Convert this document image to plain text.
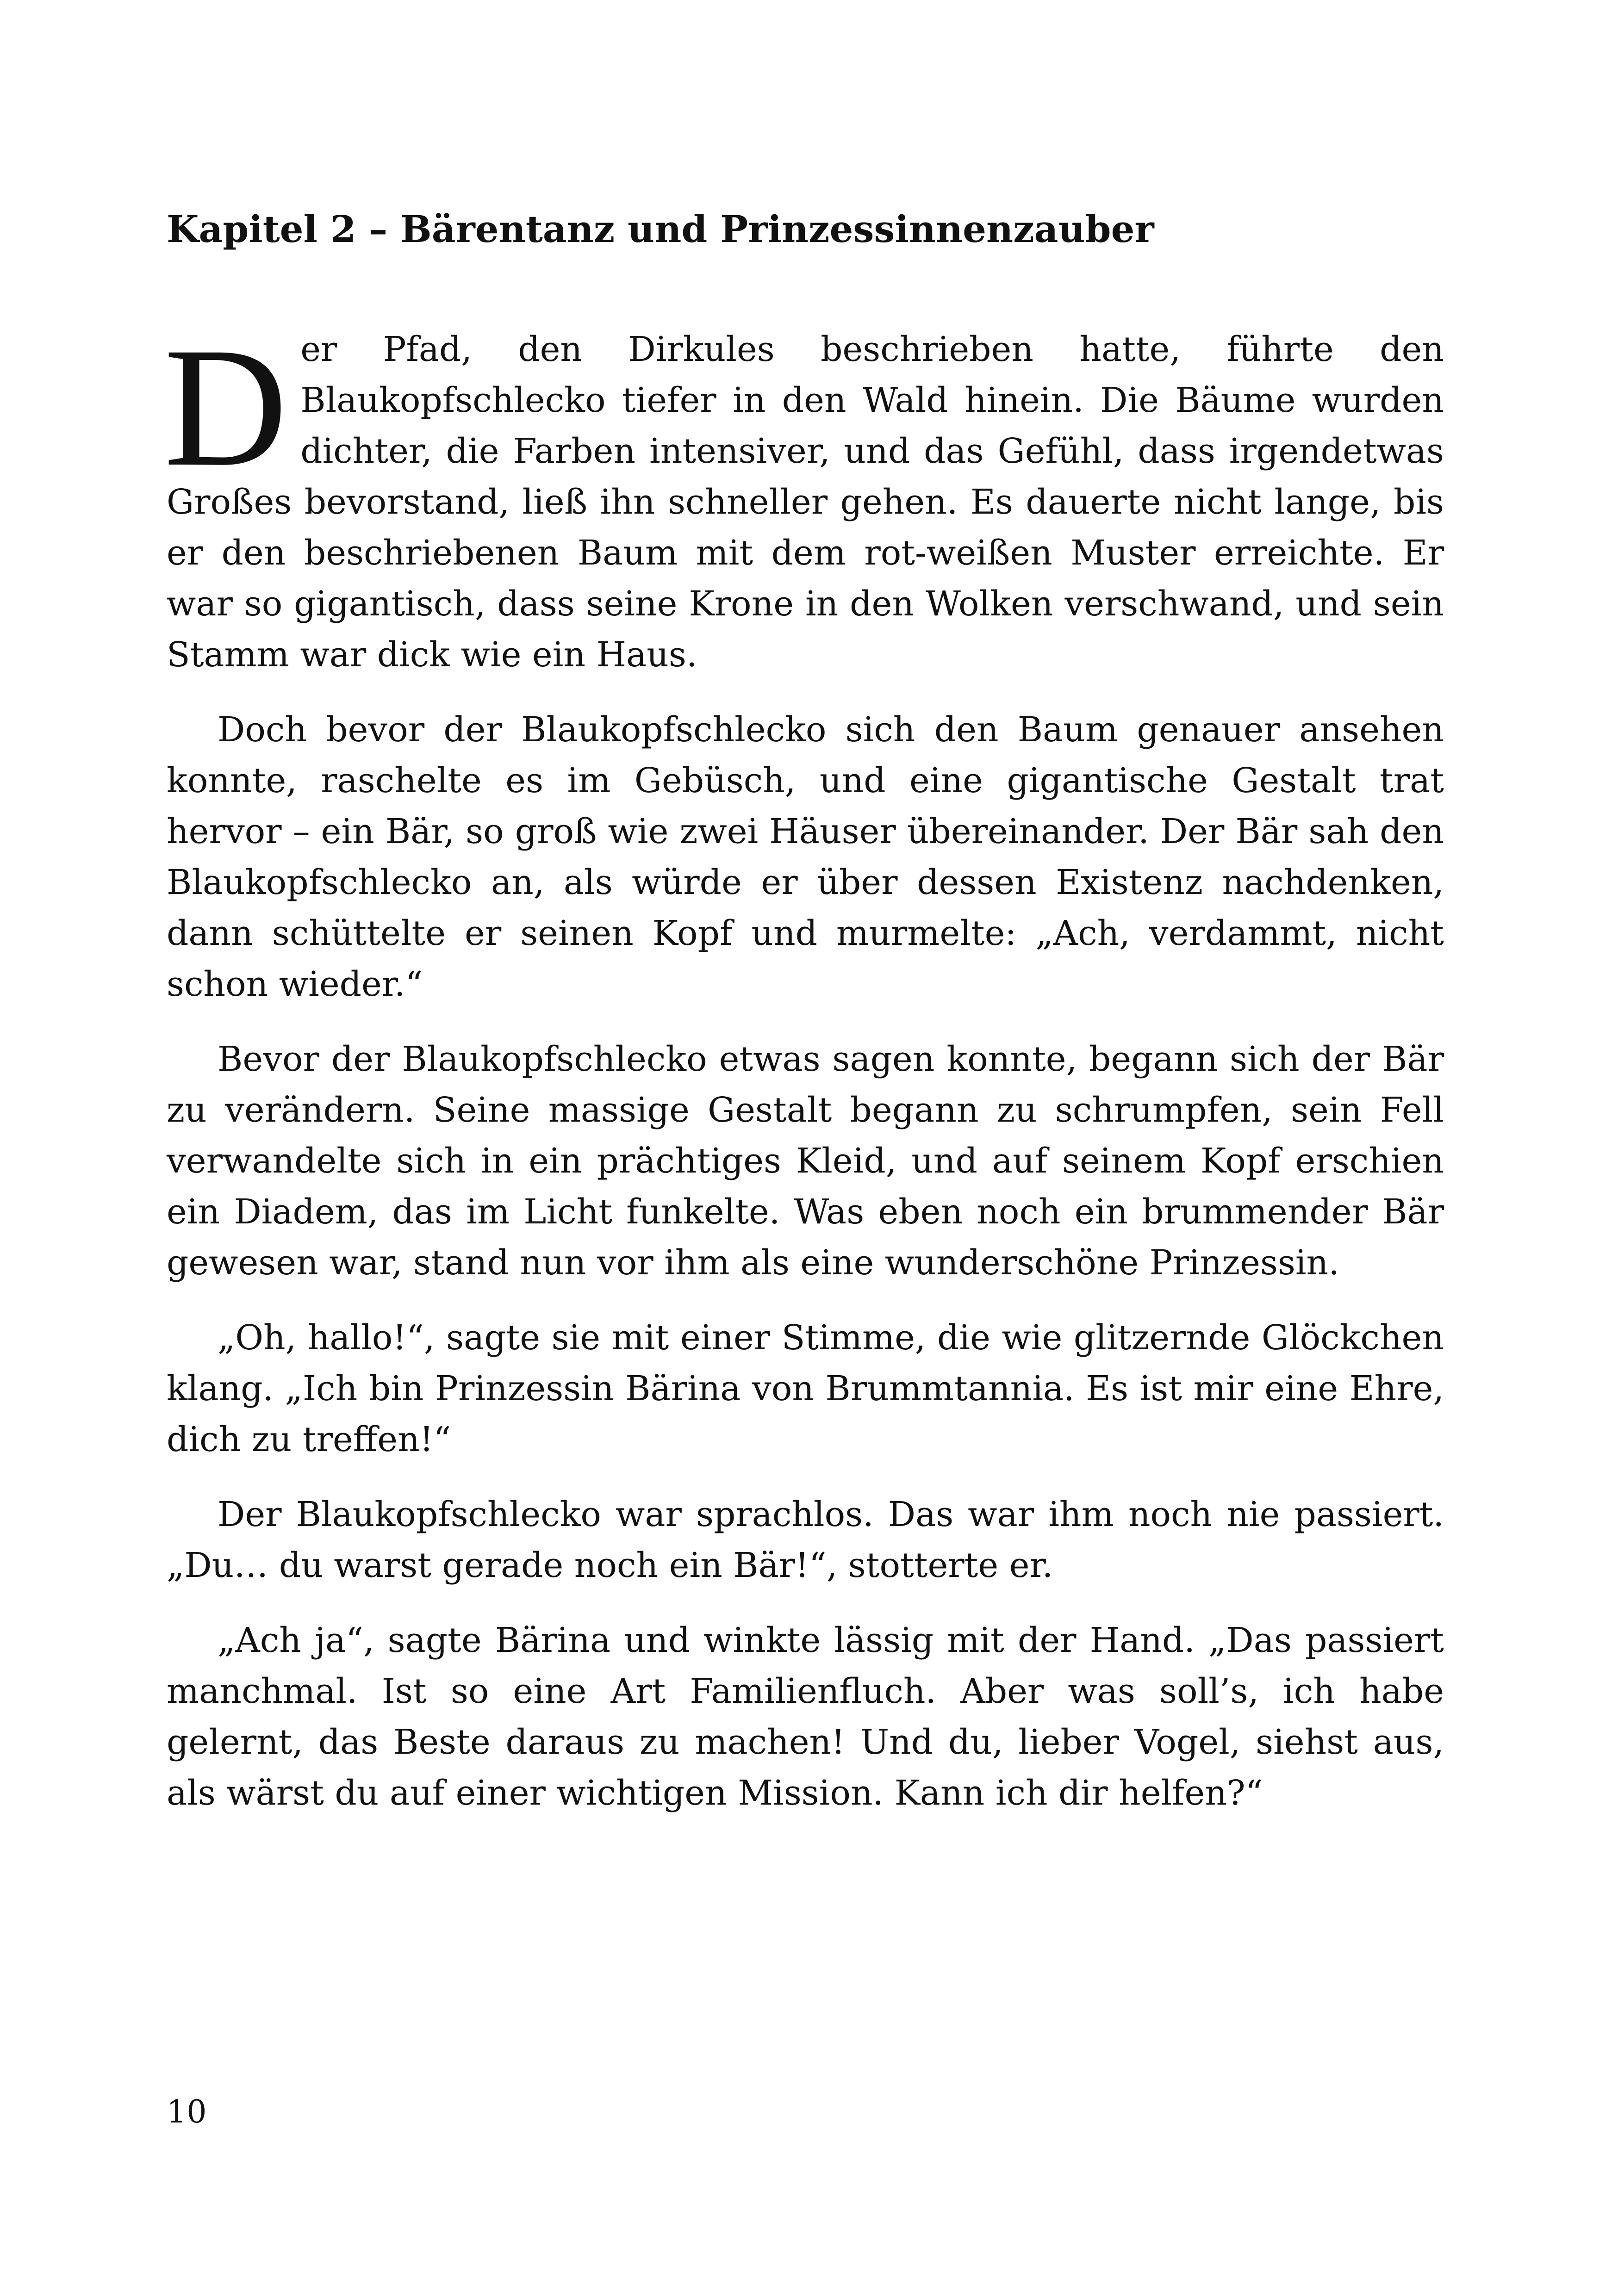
Kapitel 2 – Bärentanz und Prinzessinnenzauber

Der Pfad, den Dirkules beschrieben hatte, führte den Blaukopfschlecko tiefer in den Wald hinein. Die Bäume wurden dichter, die Farben intensiver, und das Gefühl, dass irgendetwas Großes bevorstand, ließ ihn schneller gehen. Es dauerte nicht lange, bis er den beschriebenen Baum mit dem rot-weißen Muster erreichte. Er war so gigantisch, dass seine Krone in den Wolken verschwand, und sein Stamm war dick wie ein Haus.

Doch bevor der Blaukopfschlecko sich den Baum genauer ansehen konnte, raschelte es im Gebüsch, und eine gigantische Gestalt trat hervor – ein Bär, so groß wie zwei Häuser übereinander. Der Bär sah den Blaukopfschlecko an, als würde er über dessen Existenz nachdenken, dann schüttelte er seinen Kopf und murmelte: „Ach, verdammt, nicht schon wieder.“

Bevor der Blaukopfschlecko etwas sagen konnte, begann sich der Bär zu verändern. Seine massige Gestalt begann zu schrumpfen, sein Fell verwandelte sich in ein prächtiges Kleid, und auf seinem Kopf erschien ein Diadem, das im Licht funkelte. Was eben noch ein brummender Bär gewesen war, stand nun vor ihm als eine wunderschöne Prinzessin.

„Oh, hallo!“, sagte sie mit einer Stimme, die wie glitzernde Glöckchen klang. „Ich bin Prinzessin Bärina von Brummtannia. Es ist mir eine Ehre, dich zu treffen!“

Der Blaukopfschlecko war sprachlos. Das war ihm noch nie passiert. „Du… du warst gerade noch ein Bär!“, stotterte er.

„Ach ja“, sagte Bärina und winkte lässig mit der Hand. „Das passiert manchmal. Ist so eine Art Familienfluch. Aber was soll’s, ich habe gelernt, das Beste daraus zu machen! Und du, lieber Vogel, siehst aus, als wärst du auf einer wichtigen Mission. Kann ich dir helfen?“

10
